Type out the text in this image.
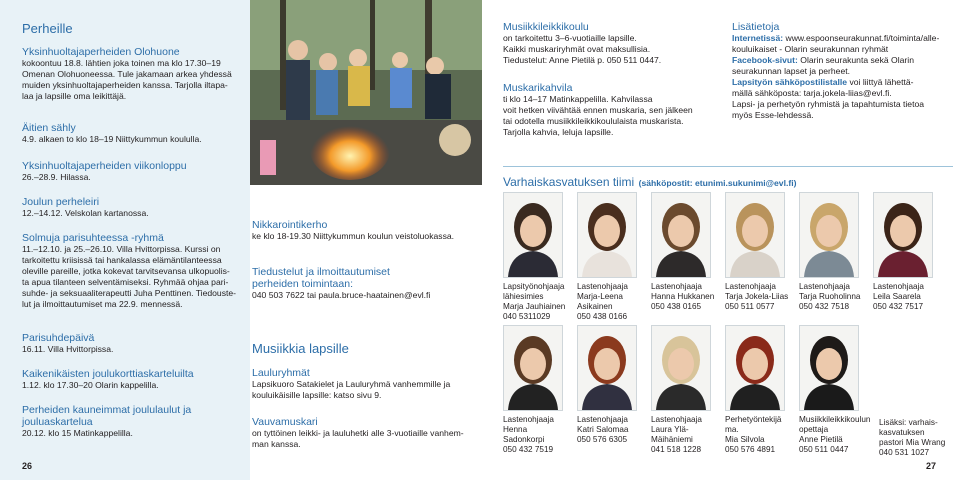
Perheille

Yksinhuoltajaperheiden Olohuone

kokoontuu 18.8. lähtien joka toinen ma klo 17.30–19

Omenan Olohuoneessa. Tule jakamaan arkea yhdessä

muiden yksinhuoltajaperheiden kanssa. Tarjolla iltapa-

laa ja lapsille oma leikittäjä.

Äitien sähly

4.9. alkaen to klo 18–19 Niittykummun koululla.

Yksinhuoltajaperheiden viikonloppu

26.–28.9. Hilassa.

Joulun perheleiri

12.–14.12. Velskolan kartanossa.

Solmuja parisuhteessa -ryhmä

11.–12.10. ja 25.–26.10. Villa Hvittorpissa. Kurssi on

tarkoitettu kriisissä tai hankalassa elämäntilanteessa

oleville pareille, jotka kokevat tarvitsevansa ulkopuolis-

ta apua tilanteen selventämiseksi. Ryhmää ohjaa pari-

suhde- ja seksuaaliterapeutti Juha Penttinen. Tiedouste-

lut ja ilmoittautumiset ma 22.9. mennessä.

Parisuhdepäivä

16.11. Villa Hvittorpissa.

Kaikenikäisten joulukorttiaskarteluilta

1.12. klo 17.30–20 Olarin kappelilla.

Perheiden kauneimmat joululaulut ja

jouluaskartelua

20.12. klo 15 Matinkappelilla.

26

Nikkarointikerho

ke klo 18-19.30 Niittykummun koulun veistoluokassa.

Tiedustelut ja ilmoittautumiset

perheiden toimintaan:

040 503 7622 tai paula.bruce-haatainen@evl.fi

Musiikkia lapsille

Lauluryhmät

Lapsikuoro Satakielet ja Lauluryhmä vanhemmille ja

kouluikäisille lapsille: katso sivu 9.

Vauvamuskari

on tyttöinen leikki- ja lauluhetki alle 3-vuotiaille vanhem-

man kanssa.

Musiikkileikkikoulu

on tarkoitettu 3–6-vuotiaille lapsille.

Kaikki muskariryhmät ovat maksullisia.

Tiedustelut: Anne Pietilä p. 050 511 0447.

Muskarikahvila

ti klo 14–17 Matinkappelilla. Kahvilassa

voit hetken viivähtää ennen muskaria, sen jälkeen

tai odotella musiikkileikkikoululaista muskarista.

Tarjolla kahvia, leluja lapsille.

Lisätietoja

Internetissä: www.espoonseurakunnat.fi/toiminta/alle-

kouluikaiset - Olarin seurakunnan ryhmät

Facebook-sivut: Olarin seurakunta sekä Olarin

seurakunnan lapset ja perheet.

Lapsityön sähköpostilistalle voi liittyä lähettä-

mällä sähköposta: tarja.jokela-liias@evl.fi.

Lapsi- ja perhetyön ryhmistä ja tapahtumista tietoa

myös Esse-lehdessä.

Varhaiskasvatuksen tiimi (sähköpostit: etunimi.sukunimi@evl.fi)

Lapsityönohjaaja

lähiesimies

Marja Jauhiainen

040 5311029

Lastenohjaaja

Marja-Leena

Asikainen

050 438 0166

Lastenohjaaja

Hanna Hukkanen

050 438 0165

Lastenohjaaja

Tarja Jokela-Liias

050 511 0577

Lastenohjaaja

Tarja Ruoholinna

050 432 7518

Lastenohjaaja

Leila Saarela

050 432 7517

Lastenohjaaja

Henna Sadonkorpi

050 432 7519

Lastenohjaaja

Katri Salomaa

050 576 6305

Lastenohjaaja

Laura Ylä-

Mäihäniemi

041 518 1228

Perhetyöntekijä ma.

Mia Silvola

050 576 4891

Musiikkileikkikoulun

opettaja

Anne Pietilä

050 511 0447

Lisäksi: varhais-

kasvatuksen

pastori Mia Wrang

040 531 1027

27
